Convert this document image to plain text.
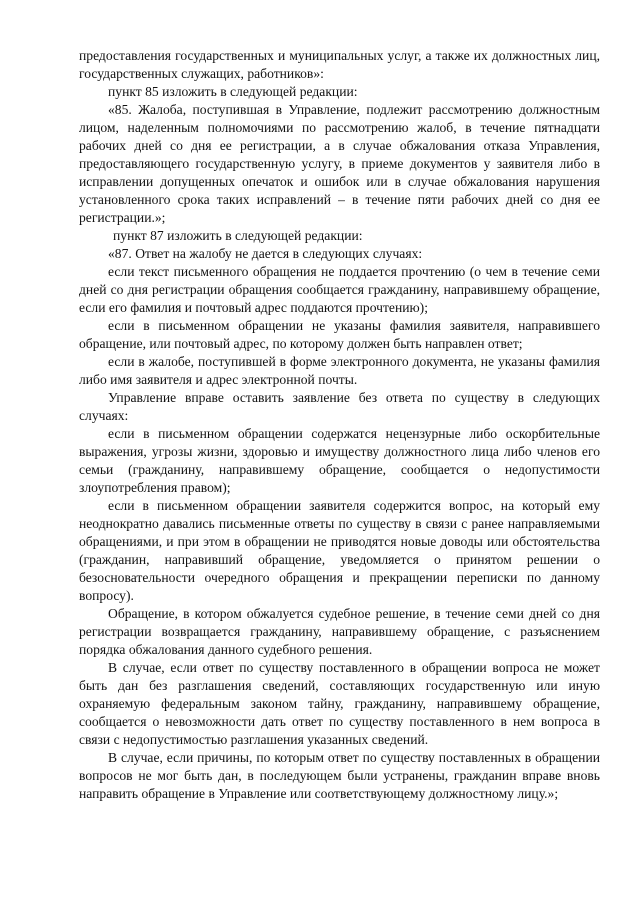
предоставления государственных и муниципальных услуг, а также их должностных лиц, государственных служащих, работников»:

пункт 85 изложить в следующей редакции:

«85. Жалоба, поступившая в Управление, подлежит рассмотрению должностным лицом, наделенным полномочиями по рассмотрению жалоб, в течение пятнадцати рабочих дней со дня ее регистрации, а в случае обжалования отказа Управления, предоставляющего государственную услугу, в приеме документов у заявителя либо в исправлении допущенных опечаток и ошибок или в случае обжалования нарушения установленного срока таких исправлений – в течение пяти рабочих дней со дня ее регистрации.»;

пункт 87 изложить в следующей редакции:

«87. Ответ на жалобу не дается в следующих случаях:

если текст письменного обращения не поддается прочтению (о чем в течение семи дней со дня регистрации обращения сообщается гражданину, направившему обращение, если его фамилия и почтовый адрес поддаются прочтению);

если в письменном обращении не указаны фамилия заявителя, направившего обращение, или почтовый адрес, по которому должен быть направлен ответ;

если в жалобе, поступившей в форме электронного документа, не указаны фамилия либо имя заявителя и адрес электронной почты.

Управление вправе оставить заявление без ответа по существу в следующих случаях:

если в письменном обращении содержатся нецензурные либо оскорбительные выражения, угрозы жизни, здоровью и имуществу должностного лица либо членов его семьи (гражданину, направившему обращение, сообщается о недопустимости злоупотребления правом);

если в письменном обращении заявителя содержится вопрос, на который ему неоднократно давались письменные ответы по существу в связи с ранее направляемыми обращениями, и при этом в обращении не приводятся новые доводы или обстоятельства (гражданин, направивший обращение, уведомляется о принятом решении о безосновательности очередного обращения и прекращении переписки по данному вопросу).

Обращение, в котором обжалуется судебное решение, в течение семи дней со дня регистрации возвращается гражданину, направившему обращение, с разъяснением порядка обжалования данного судебного решения.

В случае, если ответ по существу поставленного в обращении вопроса не может быть дан без разглашения сведений, составляющих государственную или иную охраняемую федеральным законом тайну, гражданину, направившему обращение, сообщается о невозможности дать ответ по существу поставленного в нем вопроса в связи с недопустимостью разглашения указанных сведений.

В случае, если причины, по которым ответ по существу поставленных в обращении вопросов не мог быть дан, в последующем были устранены, гражданин вправе вновь направить обращение в Управление или соответствующему должностному лицу.»;
